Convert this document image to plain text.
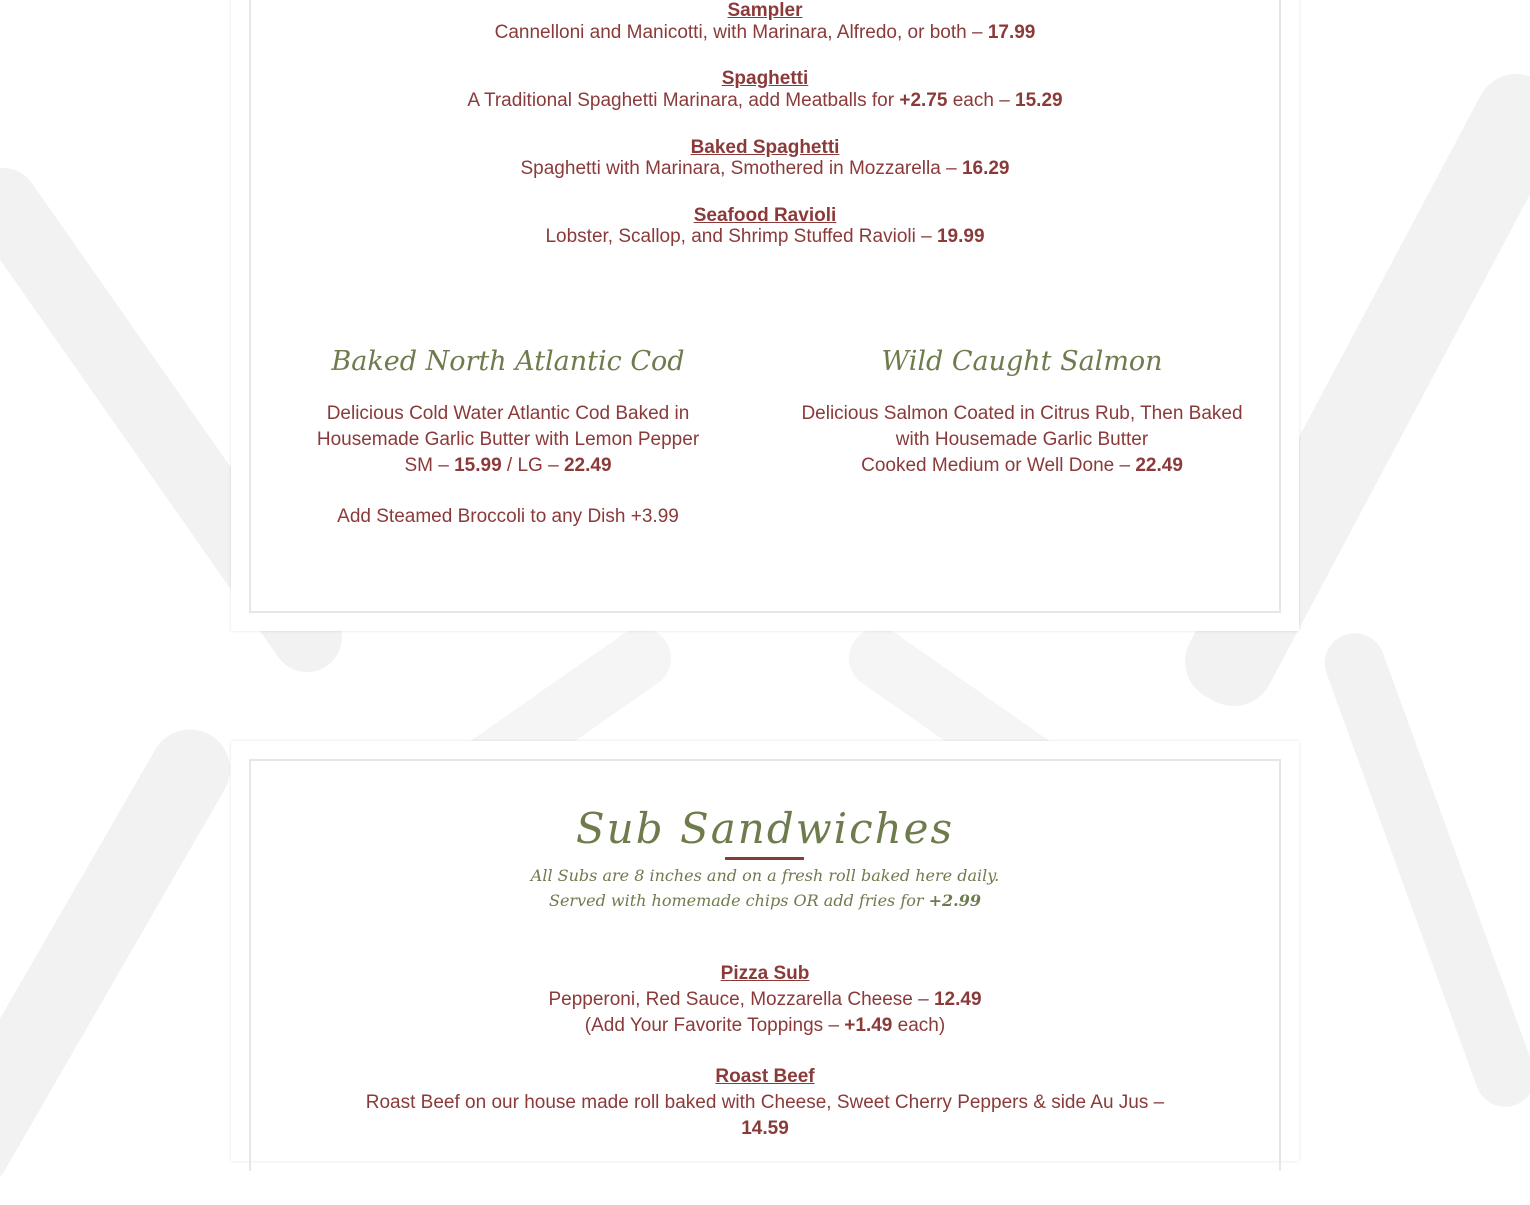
Sampler
Cannelloni and Manicotti, with Marinara, Alfredo, or both – 17.99
Spaghetti
A Traditional Spaghetti Marinara, add Meatballs for +2.75 each – 15.29
Baked Spaghetti
Spaghetti with Marinara, Smothered in Mozzarella – 16.29
Seafood Ravioli
Lobster, Scallop, and Shrimp Stuffed Ravioli – 19.99
Baked North Atlantic Cod
Delicious Cold Water Atlantic Cod Baked in
Housemade Garlic Butter with Lemon Pepper
SM – 15.99 / LG – 22.49
Add Steamed Broccoli to any Dish +3.99
Wild Caught Salmon
Delicious Salmon Coated in Citrus Rub, Then Baked
with Housemade Garlic Butter
Cooked Medium or Well Done – 22.49
Sub Sandwiches
All Subs are 8 inches and on a fresh roll baked here daily.
Served with homemade chips OR add fries for +2.99
Pizza Sub
Pepperoni, Red Sauce, Mozzarella Cheese – 12.49
(Add Your Favorite Toppings – +1.49 each)
Roast Beef
Roast Beef on our house made roll baked with Cheese, Sweet Cherry Peppers & side Au Jus – 14.59
